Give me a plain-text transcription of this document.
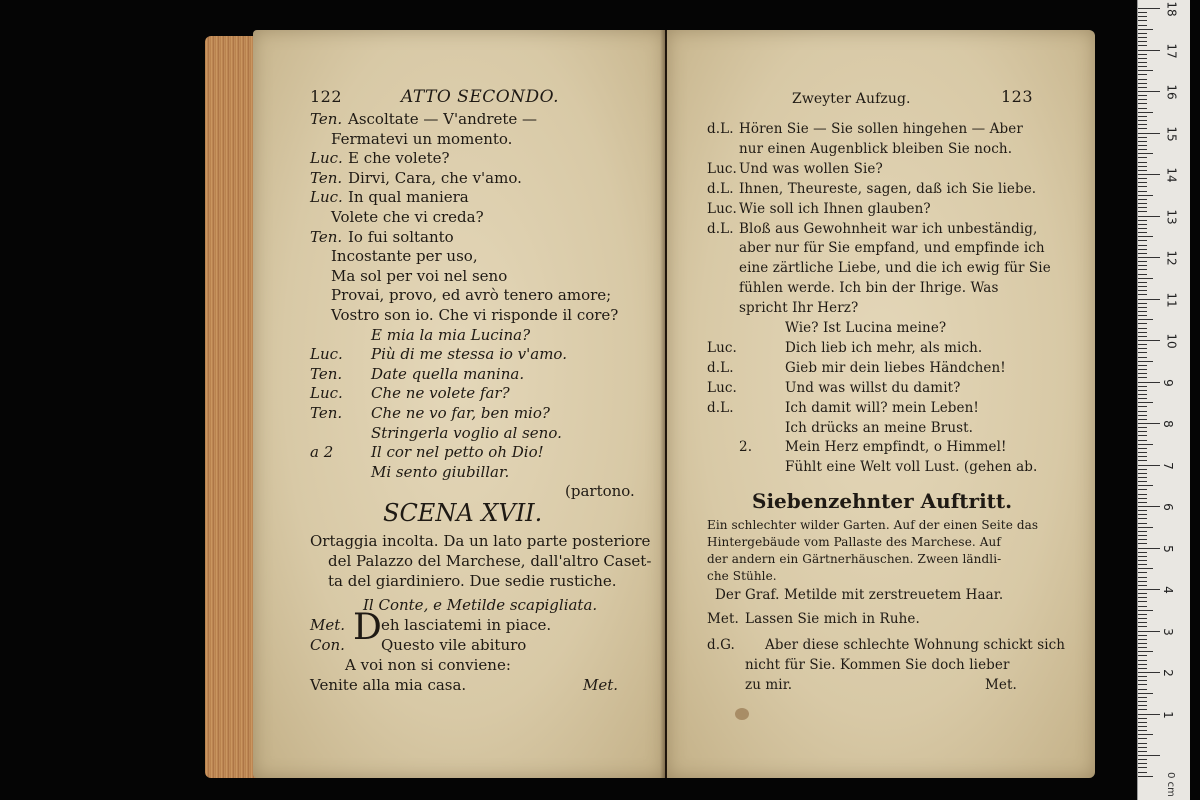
122	ATTO SECONDO.
Ten. Ascoltate — V'andrete —
Fermatevi un momento.
Luc. E che volete?
Ten. Dirvi, Cara, che v'amo.
Luc. In qual maniera
Volete che vi creda?
Ten. Io fui soltanto
Incostante per uso,
Ma sol per voi nel seno
Provai, provo, ed avrò tenero amore;
Vostro son io. Che vi risponde il core?
E mia la mia Lucina?
Luc. Più di me stessa io v'amo.
Ten. Date quella manina.
Luc. Che ne volete far?
Ten. Che ne vo far, ben mio?
Stringerla voglio al seno.
a 2	Il cor nel petto oh Dio!
Mi sento giubillar.
(partono.
SCENA XVII.
Ortaggia incolta. Da un lato parte posteriore
del Palazzo del Marchese, dall'altro Caset-
ta del giardiniero. Due sedie rustiche.
Il Conte, e Metilde scapigliata.
D
Met. eh lasciatemi in piace.
Con. Questo vile abituro
A voi non si conviene:
Venite alla mia casa.	Met.
Zweyter Aufzug.	123
d.L. Hören Sie — Sie sollen hingehen — Aber
nur einen Augenblick bleiben Sie noch.
Luc. Und was wollen Sie?
d.L. Ihnen, Theureste, sagen, daß ich Sie liebe.
Luc. Wie soll ich Ihnen glauben?
d.L. Bloß aus Gewohnheit war ich unbeständig,
aber nur für Sie empfand, und empfinde ich
eine zärtliche Liebe, und die ich ewig für Sie
fühlen werde. Ich bin der Ihrige. Was
spricht Ihr Herz?
Wie? Ist Lucina meine?
Luc.	Dich lieb ich mehr, als mich.
d.L.	Gieb mir dein liebes Händchen!
Luc.	Und was willst du damit?
d.L.	Ich damit will? mein Leben!
Ich drücks an meine Brust.
2. Mein Herz empfindt, o Himmel!
Fühlt eine Welt voll Lust. (gehen ab.
Siebenzehnter Auftritt.
Ein schlechter wilder Garten. Auf der einen Seite das
Hintergebäude vom Pallaste des Marchese. Auf
der andern ein Gärtnerhäuschen. Zween ländli-
che Stühle.
Der Graf. Metilde mit zerstreuetem Haar.
Met. Lassen Sie mich in Ruhe.
d.G. Aber diese schlechte Wohnung schickt sich
nicht für Sie. Kommen Sie doch lieber
zu mir.	Met.
18
17
16
15
14
13
12
11
10
9
8
7
6
5
4
3
2
1
0 cm
